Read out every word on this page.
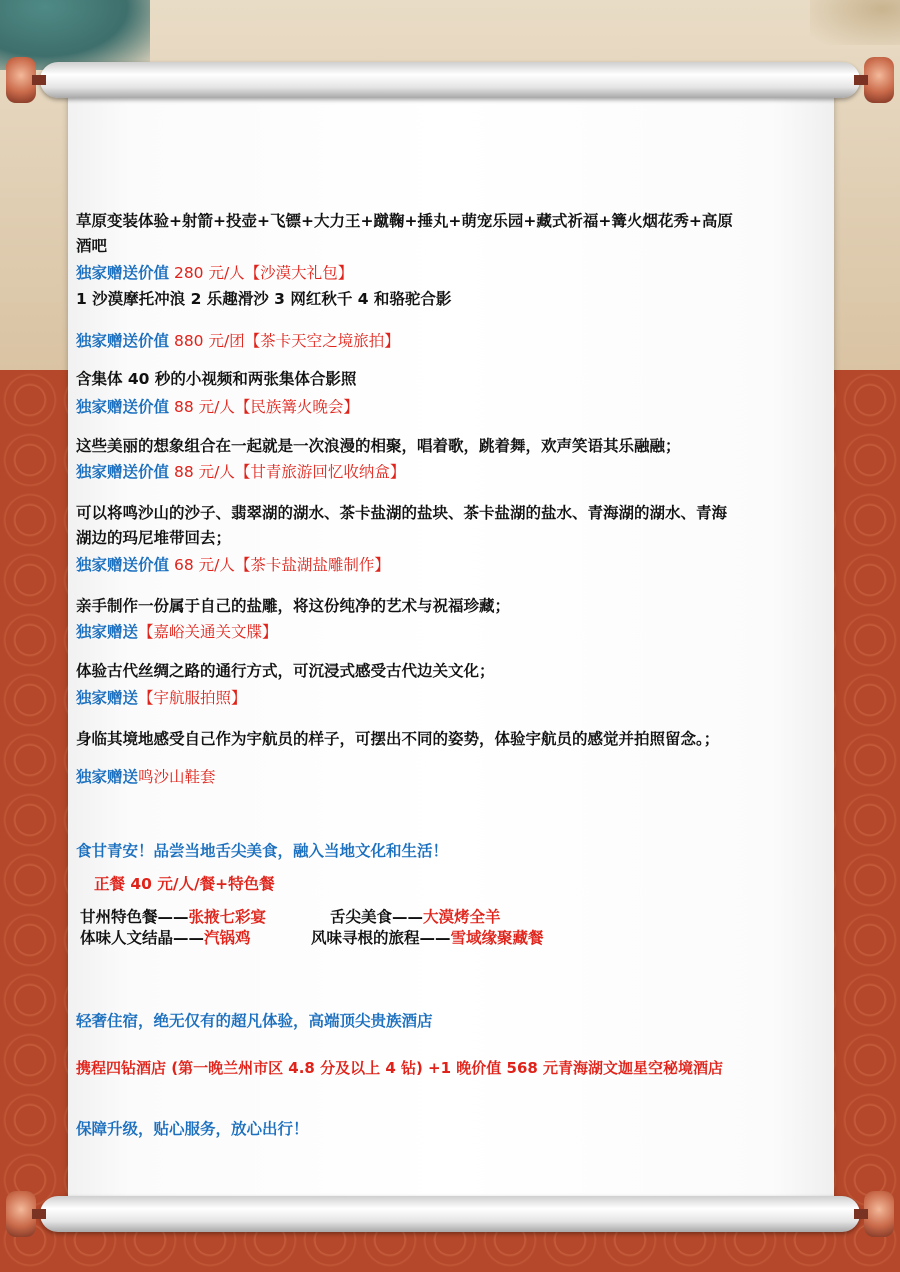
草原变装体验+射箭+投壶+飞镖+大力王+蹴鞠+捶丸+萌宠乐园+藏式祈福+篝火烟花秀+高原
酒吧
独家赠送价值 280 元/人【沙漠大礼包】
1 沙漠摩托冲浪 2 乐趣滑沙 3 网红秋千 4 和骆驼合影
独家赠送价值 880 元/团【茶卡天空之境旅拍】
含集体 40 秒的小视频和两张集体合影照
独家赠送价值 88 元/人【民族篝火晚会】
这些美丽的想象组合在一起就是一次浪漫的相聚，唱着歌，跳着舞，欢声笑语其乐融融；
独家赠送价值 88 元/人【甘青旅游回忆收纳盒】
可以将鸣沙山的沙子、翡翠湖的湖水、茶卡盐湖的盐块、茶卡盐湖的盐水、青海湖的湖水、青海
湖边的玛尼堆带回去；
独家赠送价值 68 元/人【茶卡盐湖盐雕制作】
亲手制作一份属于自己的盐雕，将这份纯净的艺术与祝福珍藏；
独家赠送【嘉峪关通关文牒】
体验古代丝绸之路的通行方式，可沉浸式感受古代边关文化；
独家赠送【宇航服拍照】
身临其境地感受自己作为宇航员的样子，可摆出不同的姿势，体验宇航员的感觉并拍照留念。；
独家赠送鸣沙山鞋套
食甘青安！品尝当地舌尖美食，融入当地文化和生活！
正餐 40 元/人/餐+特色餐
甘州特色餐——张掖七彩宴	舌尖美食——大漠烤全羊
体味人文结晶——汽锅鸡	风味寻根的旅程——雪域缘聚藏餐
轻奢住宿，绝无仅有的超凡体验，高端顶尖贵族酒店
携程四钻酒店 (第一晚兰州市区 4.8 分及以上 4 钻) +1 晚价值 568 元青海湖文迦星空秘境酒店
保障升级，贴心服务，放心出行！
